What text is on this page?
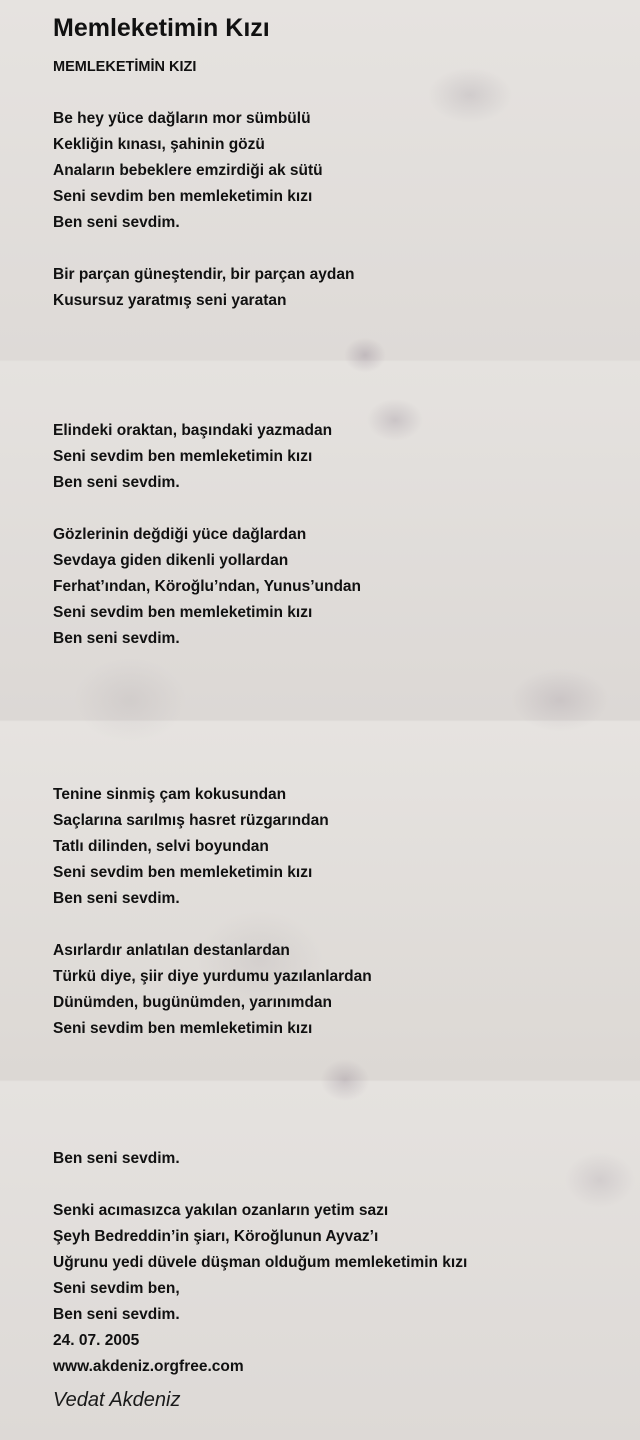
Memleketimin Kızı
MEMLEKETİMİN KIZI
Be hey yüce dağların mor sümbülü
Kekliğin kınası, şahinin gözü
Anaların bebeklere emzirdiği ak sütü
Seni sevdim ben memleketimin kızı
Ben seni sevdim.
Bir parçan güneştendir, bir parçan aydan
Kusursuz yaratmış seni yaratan
Elindeki oraktan, başındaki yazmadan
Seni sevdim ben memleketimin kızı
Ben seni sevdim.
Gözlerinin değdiği yüce dağlardan
Sevdaya giden dikenli yollardan
Ferhat’ından, Köroğlu’ndan, Yunus’undan
Seni sevdim ben memleketimin kızı
Ben seni sevdim.
Tenine sinmiş çam kokusundan
Saçlarına sarılmış hasret rüzgarından
Tatlı dilinden, selvi boyundan
Seni sevdim ben memleketimin kızı
Ben seni sevdim.
Asırlardır anlatılan destanlardan
Türkü diye, şiir diye yurdumu yazılanlardan
Dünümden, bugünümden, yarınımdan
Seni sevdim ben memleketimin kızı
Ben seni sevdim.
Senki acımasızca yakılan ozanların yetim sazı
Şeyh Bedreddin’in şiarı, Köroğlunun Ayvaz’ı
Uğrunu yedi düvele düşman olduğum memleketimin kızı
Seni sevdim ben,
Ben seni sevdim.
24. 07. 2005
www.akdeniz.orgfree.com
Vedat Akdeniz
